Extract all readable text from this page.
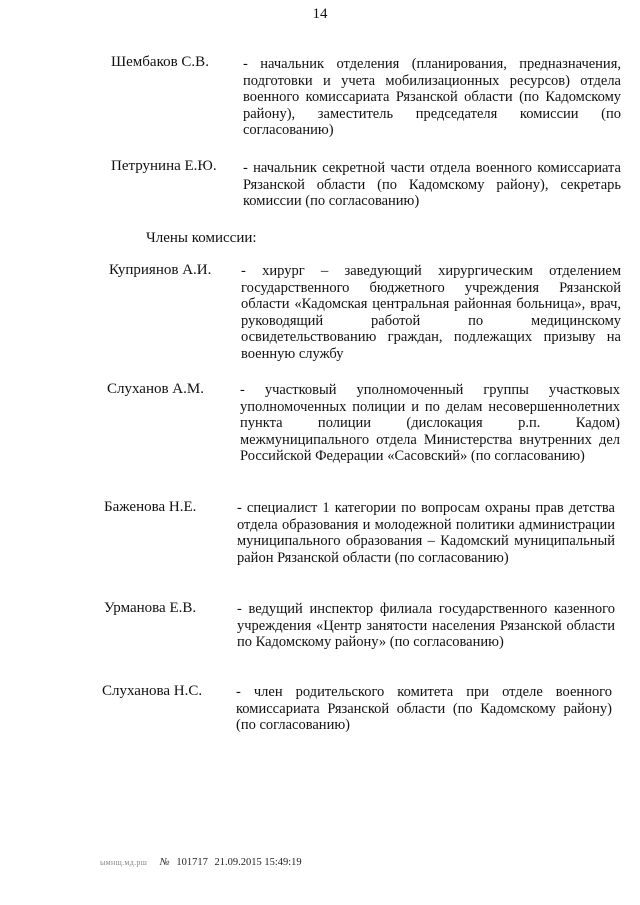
14
Шембаков С.В. - начальник отделения (планирования, предназначения, подготовки и учета мобилизационных ресурсов) отдела военного комиссариата Рязанской области (по Кадомскому району), заместитель председателя комиссии (по согласованию)
Петрунина Е.Ю. - начальник секретной части отдела военного комиссариата Рязанской области (по Кадомскому району), секретарь комиссии (по согласованию)
Члены комиссии:
Куприянов А.И. - хирург – заведующий хирургическим отделением государственного бюджетного учреждения Рязанской области «Кадомская центральная районная больница», врач, руководящий работой по медицинскому освидетельствованию граждан, подлежащих призыву на военную службу
Слуханов А.М. - участковый уполномоченный группы участковых уполномоченных полиции и по делам несовершеннолетних пункта полиции (дислокация р.п. Кадом) межмуниципального отдела Министерства внутренних дел Российской Федерации «Сасовский» (по согласованию)
Баженова Н.Е.	- специалист 1 категории по вопросам охраны прав детства отдела образования и молодежной политики администрации муниципального образования – Кадомский муниципальный район Рязанской области (по согласованию)
Урманова Е.В.	- ведущий инспектор филиала государственного казенного учреждения «Центр занятости населения Рязанской области по Кадомскому району» (по согласованию)
Слуханова Н.С. - член родительского комитета при отделе военного комиссариата Рязанской области (по Кадомскому району) (по согласованию)
ымнщ.мд.рш № 101717 21.09.2015 15:49:19
